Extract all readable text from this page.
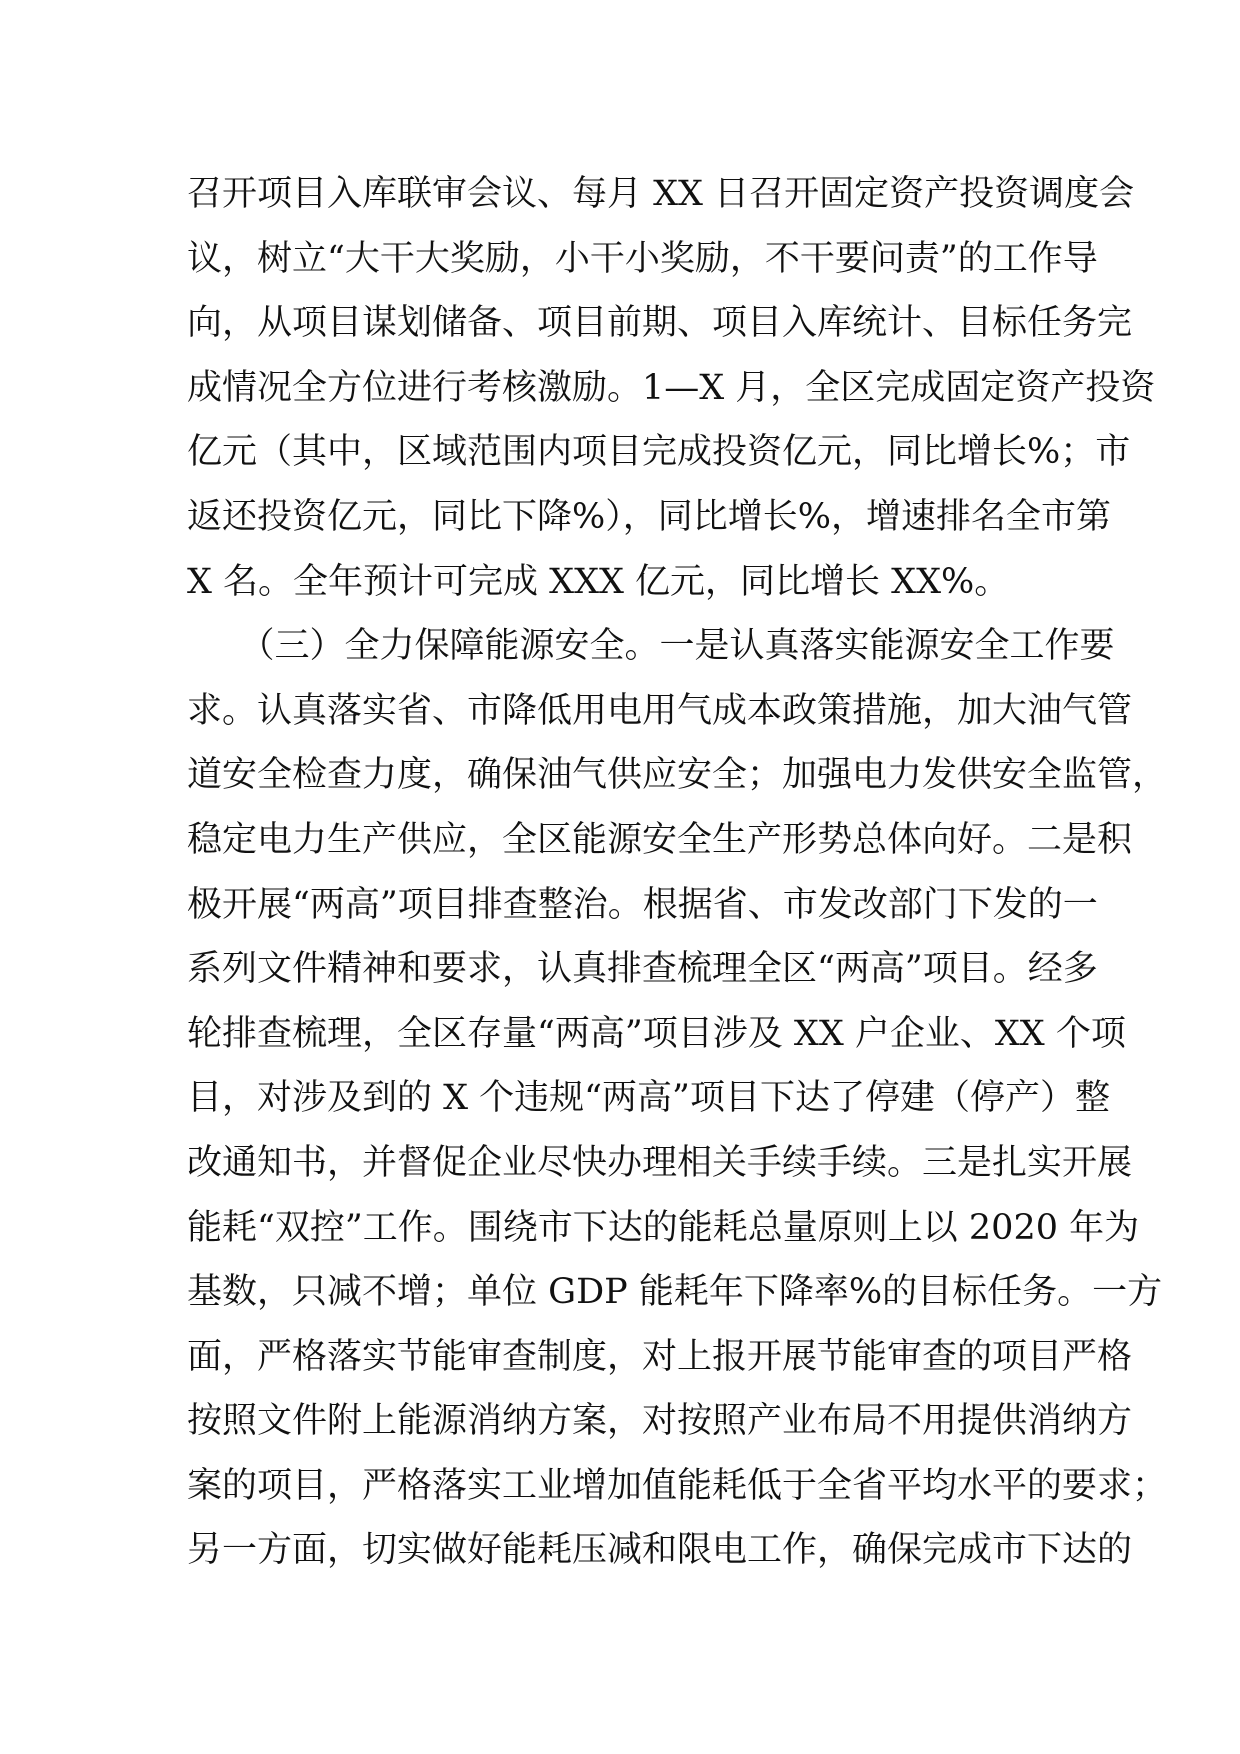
召开项目入库联审会议、每月 XX 日召开固定资产投资调度会
议，树立“大干大奖励，小干小奖励，不干要问责”的工作导
向，从项目谋划储备、项目前期、项目入库统计、目标任务完
成情况全方位进行考核激励。1—X 月，全区完成固定资产投资
亿元（其中，区域范围内项目完成投资亿元，同比增长%；市
返还投资亿元，同比下降%），同比增长%，增速排名全市第
X 名。全年预计可完成 XXX 亿元，同比增长 XX%。
　　（三）全力保障能源安全。一是认真落实能源安全工作要
求。认真落实省、市降低用电用气成本政策措施，加大油气管
道安全检查力度，确保油气供应安全；加强电力发供安全监管，
稳定电力生产供应，全区能源安全生产形势总体向好。二是积
极开展“两高”项目排查整治。根据省、市发改部门下发的一
系列文件精神和要求，认真排查梳理全区“两高”项目。经多
轮排查梳理，全区存量“两高”项目涉及 XX 户企业、XX 个项
目，对涉及到的 X 个违规“两高”项目下达了停建（停产）整
改通知书，并督促企业尽快办理相关手续手续。三是扎实开展
能耗“双控”工作。围绕市下达的能耗总量原则上以 2020 年为
基数，只减不增；单位 GDP 能耗年下降率%的目标任务。一方
面，严格落实节能审查制度，对上报开展节能审查的项目严格
按照文件附上能源消纳方案，对按照产业布局不用提供消纳方
案的项目，严格落实工业增加值能耗低于全省平均水平的要求；
另一方面，切实做好能耗压减和限电工作，确保完成市下达的
